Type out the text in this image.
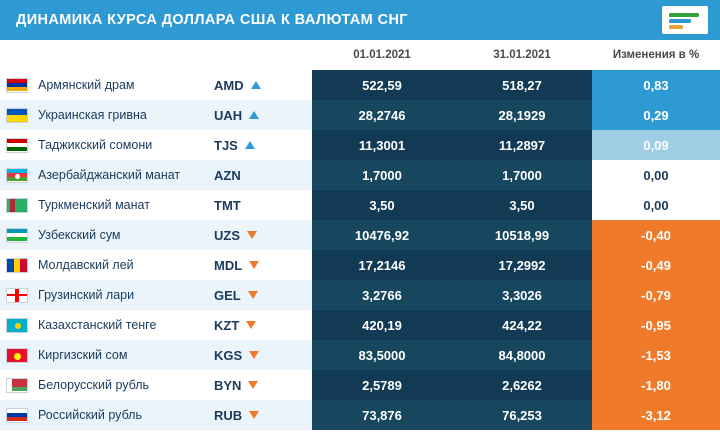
ДИНАМИКА КУРСА ДОЛЛАРА США К ВАЛЮТАМ СНГ
01.01.2021	31.01.2021	Изменения в %
Армянский драм	AMD	522,59	518,27	0,83
Украинская гривна	UAH	28,2746	28,1929	0,29
Таджикский сомони	TJS	11,3001	11,2897	0,09
Азербайджанский манат	AZN	1,7000	1,7000	0,00
Туркменский манат	TMT	3,50	3,50	0,00
Узбекский сум	UZS	10476,92	10518,99	-0,40
Молдавский лей	MDL	17,2146	17,2992	-0,49
Грузинский лари	GEL	3,2766	3,3026	-0,79
Казахстанский тенге	KZT	420,19	424,22	-0,95
Киргизский сом	KGS	83,5000	84,8000	-1,53
Белорусский рубль	BYN	2,5789	2,6262	-1,80
Российский рубль	RUB	73,876	76,253	-3,12
